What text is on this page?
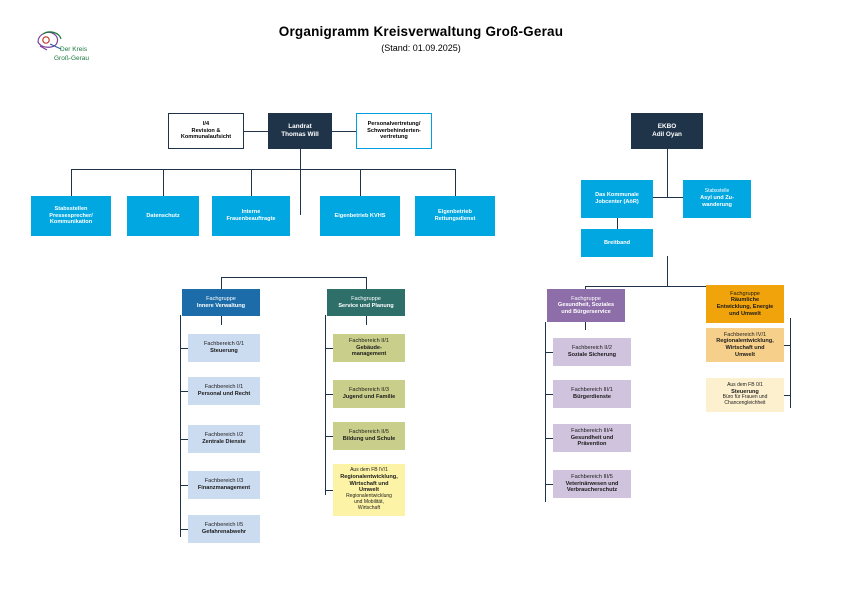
Der Kreis
Groß-Gerau
Organigramm Kreisverwaltung Groß-Gerau
(Stand: 01.09.2025)
I/4
Revision &
Kommunalaufsicht
Landrat
Thomas Will
Personalvertretung/
Schwerbehinderten-
vertretung
EKBO
Adil Oyan
Stabsstellen
Pressesprecher/
Kommunikation
Datenschutz
Interne
Frauenbeauftragte
Eigenbetrieb KVHS
Eigenbetrieb
Rettungsdienst
Das Kommunale
Jobcenter (AöR)
Stabsstelle
Asyl und Zu-
wanderung
Breitband
Fachgruppe
Innere Verwaltung
Fachbereich 0/1
Steuerung
Fachbereich I/1
Personal und Recht
Fachbereich I/2
Zentrale Dienste
Fachbereich I/3
Finanzmanagement
Fachbereich I/5
Gefahrenabwehr
Fachgruppe
Service und Planung
Fachbereich II/1
Gebäude-
management
Fachbereich II/3
Jugend und Familie
Fachbereich II/5
Bildung und Schule
Aus dem FB IV/1
Regionalentwicklung,
Wirtschaft und
Umwelt
Regionalentwicklung
und Mobilität,
Wirtschaft
Fachgruppe
Gesundheit, Soziales
und Bürgerservice
Fachbereich II/2
Soziale Sicherung
Fachbereich III/1
Bürgerdienste
Fachbereich III/4
Gesundheit und
Prävention
Fachbereich III/5
Veterinärwesen und
Verbraucherschutz
Fachgruppe
Räumliche
Entwicklung, Energie
und Umwelt
Fachbereich IV/1
Regionalentwicklung,
Wirtschaft und
Umwelt
Aus dem FB 0/1
Steuerung
Büro für Frauen und
Chancengleichheit
